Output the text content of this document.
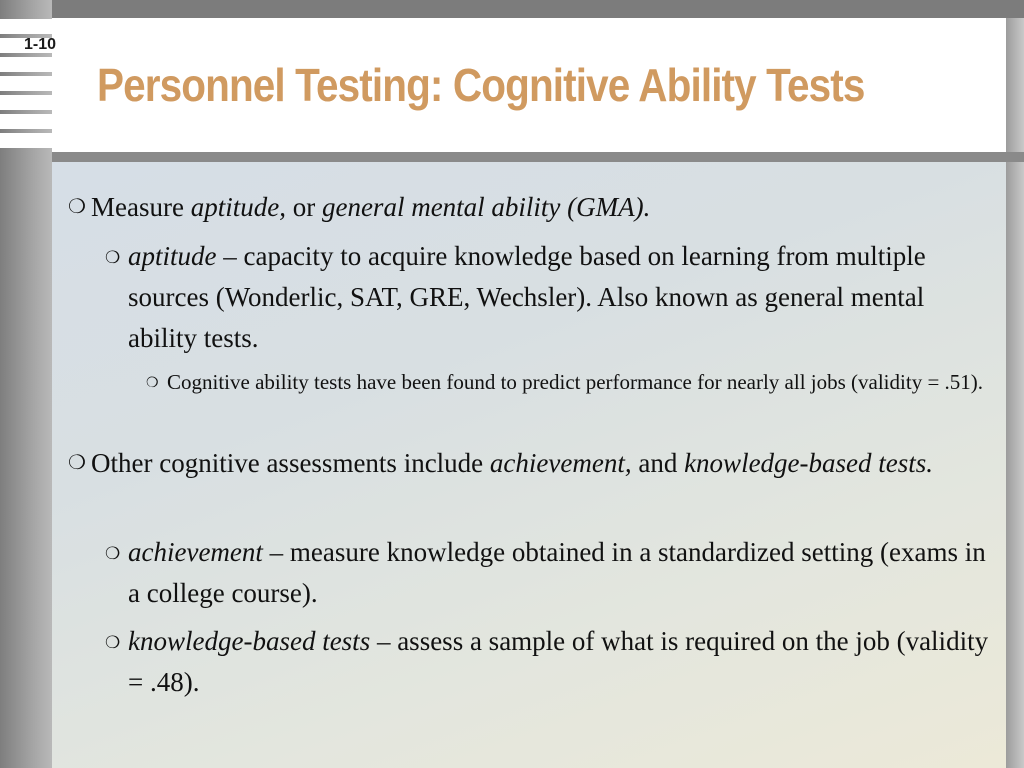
1-10
Personnel Testing: Cognitive Ability Tests
❍ Measure aptitude, or general mental ability (GMA).
❍ aptitude – capacity to acquire knowledge based on learning from multiple sources (Wonderlic, SAT, GRE, Wechsler). Also known as general mental ability tests.
❍ Cognitive ability tests have been found to predict performance for nearly all jobs (validity = .51).
❍ Other cognitive assessments include achievement, and knowledge-based tests.
❍ achievement – measure knowledge obtained in a standardized setting (exams in a college course).
❍ knowledge-based tests – assess a sample of what is required on the job (validity = .48).
